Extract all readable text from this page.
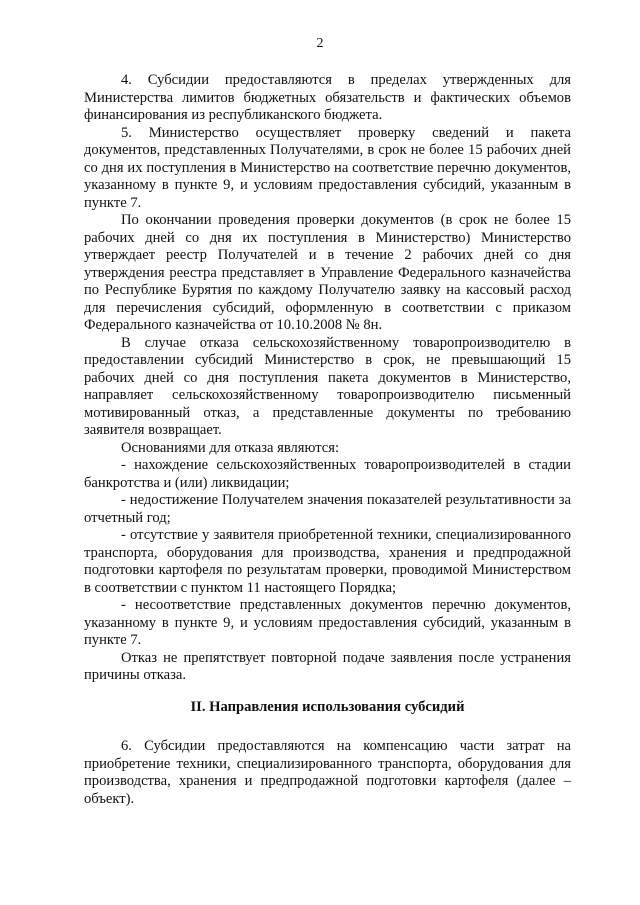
2

4. Субсидии предоставляются в пределах утвержденных для Министерства лимитов бюджетных обязательств и фактических объемов финансирования из республиканского бюджета.

5. Министерство осуществляет проверку сведений и пакета документов, представленных Получателями, в срок не более 15 рабочих дней со дня их поступления в Министерство на соответствие перечню документов, указанному в пункте 9, и условиям предоставления субсидий, указанным в пункте 7.

По окончании проведения проверки документов (в срок не более 15 рабочих дней со дня их поступления в Министерство) Министерство утверждает реестр Получателей и в течение 2 рабочих дней со дня утверждения реестра представляет в Управление Федерального казначейства по Республике Бурятия по каждому Получателю заявку на кассовый расход для перечисления субсидий, оформленную в соответствии с приказом Федерального казначейства от 10.10.2008 № 8н.

В случае отказа сельскохозяйственному товаропроизводителю в предоставлении субсидий Министерство в срок, не превышающий 15 рабочих дней со дня поступления пакета документов в Министерство, направляет сельскохозяйственному товаропроизводителю письменный мотивированный отказ, а представленные документы по требованию заявителя возвращает.

Основаниями для отказа являются:

- нахождение сельскохозяйственных товаропроизводителей в стадии банкротства и (или) ликвидации;

- недостижение Получателем значения показателей результативности за отчетный год;

- отсутствие у заявителя приобретенной техники, специализированного транспорта, оборудования для производства, хранения и предпродажной подготовки картофеля по результатам проверки, проводимой Министерством в соответствии с пунктом 11 настоящего Порядка;

- несоответствие представленных документов перечню документов, указанному в пункте 9, и условиям предоставления субсидий, указанным в пункте 7.

Отказ не препятствует повторной подаче заявления после устранения причины отказа.

II. Направления использования субсидий

6. Субсидии предоставляются на компенсацию части затрат на приобретение техники, специализированного транспорта, оборудования для производства, хранения и предпродажной подготовки картофеля (далее – объект).
